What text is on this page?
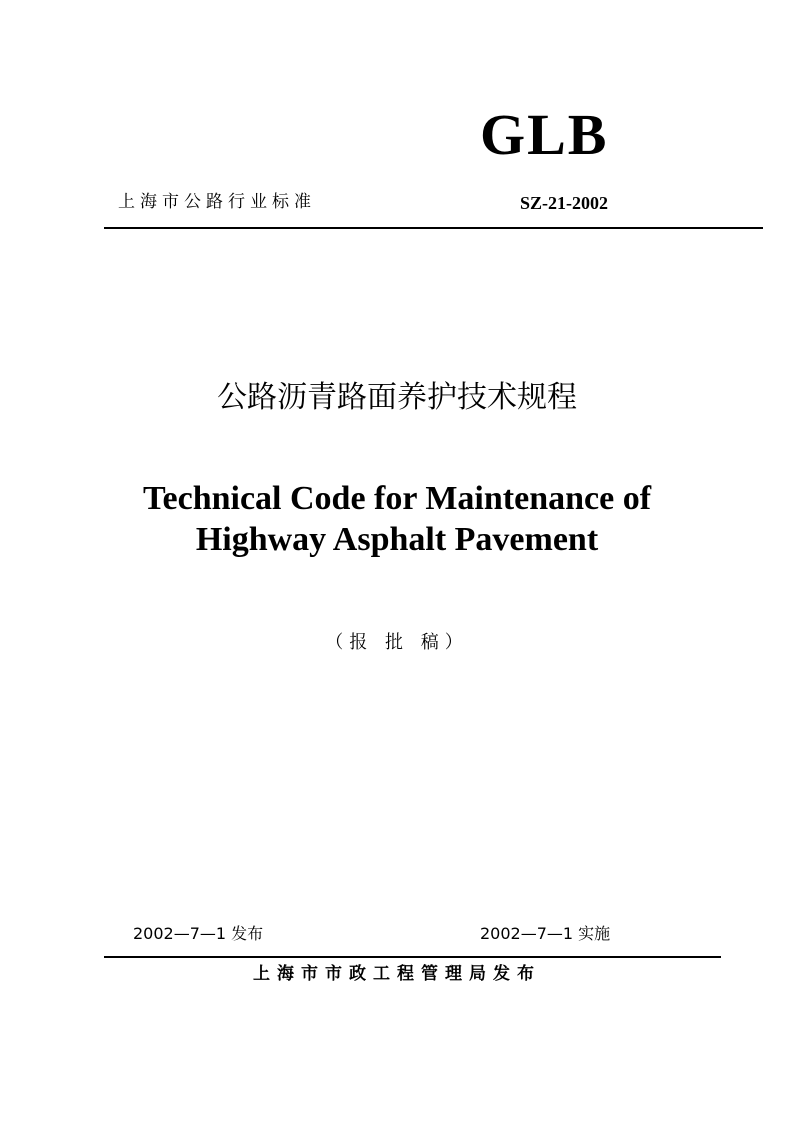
GLB
上海市公路行业标准	SZ-21-2002
公路沥青路面养护技术规程
Technical Code for Maintenance of
Highway Asphalt Pavement
（报 批 稿）
2002—7—1 发布	2002—7—1 实施
上海市市政工程管理局发布
